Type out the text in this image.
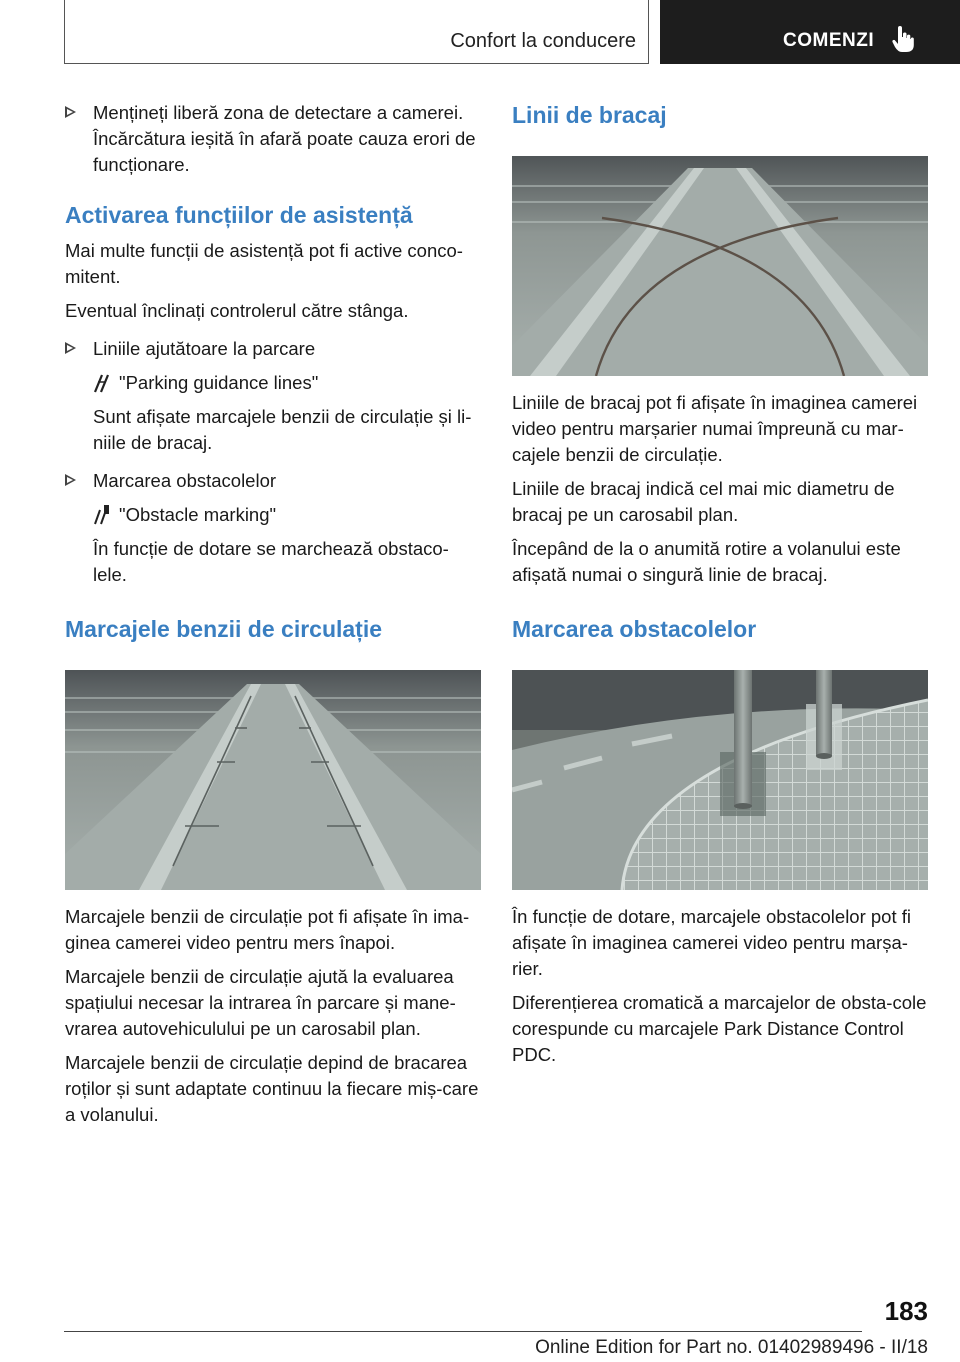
Confort la conducere	COMENZI

Mențineți liberă zona de detectare a camerei. Încărcătura ieșită în afară poate cauza erori de funcționare.

Activarea funcțiilor de asistență

Mai multe funcții de asistență pot fi active conco-mitent.

Eventual înclinați controlerul către stânga.

Liniile ajutătoare la parcare

"Parking guidance lines"

Sunt afișate marcajele benzii de circulație și li-niile de bracaj.

Marcarea obstacolelor

"Obstacle marking"

În funcție de dotare se marchează obstaco-lele.

Marcajele benzii de circulație

Marcajele benzii de circulație pot fi afișate în ima-ginea camerei video pentru mers înapoi.

Marcajele benzii de circulație ajută la evaluarea spațiului necesar la intrarea în parcare și mane-vrarea autovehiculului pe un carosabil plan.

Marcajele benzii de circulație depind de bracarea roților și sunt adaptate continuu la fiecare miș-care a volanului.

Linii de bracaj

Liniile de bracaj pot fi afișate în imaginea camerei video pentru marșarier numai împreună cu mar-cajele benzii de circulație.

Liniile de bracaj indică cel mai mic diametru de bracaj pe un carosabil plan.

Începând de la o anumită rotire a volanului este afișată numai o singură linie de bracaj.

Marcarea obstacolelor

În funcție de dotare, marcajele obstacolelor pot fi afișate în imaginea camerei video pentru marșa-rier.

Diferențierea cromatică a marcajelor de obsta-cole corespunde cu marcajele Park Distance Control PDC.

183
Online Edition for Part no. 01402989496 - II/18
